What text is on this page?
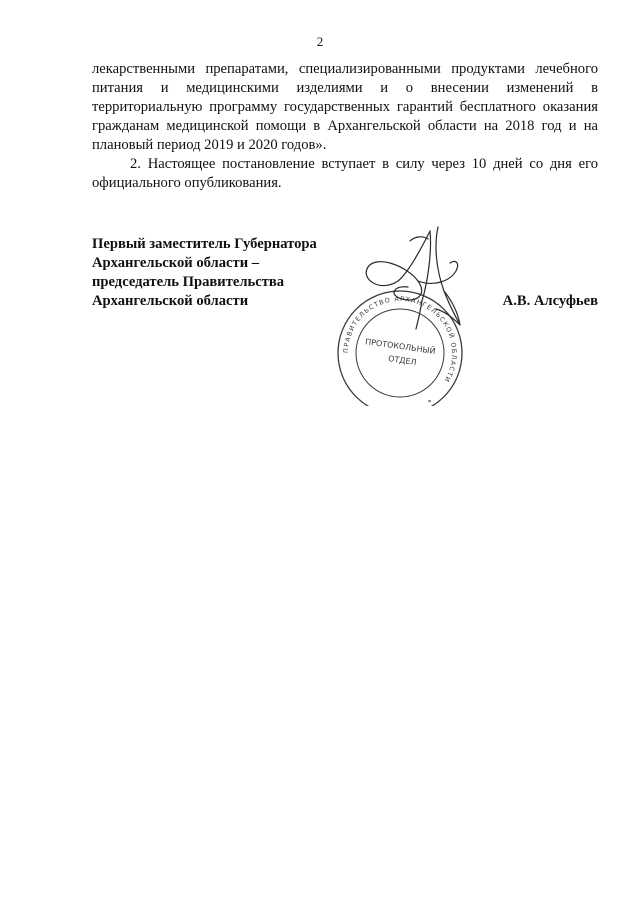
2

лекарственными препаратами, специализированными продуктами лечебного питания и медицинскими изделиями и о внесении изменений в территориальную программу государственных гарантий бесплатного оказания гражданам медицинской помощи в Архангельской области на 2018 год и на плановый период 2019 и 2020 годов».

2. Настоящее постановление вступает в силу через 10 дней со дня его официального опубликования.

Первый заместитель Губернатора
Архангельской области –
председатель Правительства
Архангельской области
ПРАВИТЕЛЬСТВО АРХАНГЕЛЬСКОЙ ОБЛАСТИ
ПРОТОКОЛЬНЫЙ
ОТДЕЛ
А.В. Алсуфьев
